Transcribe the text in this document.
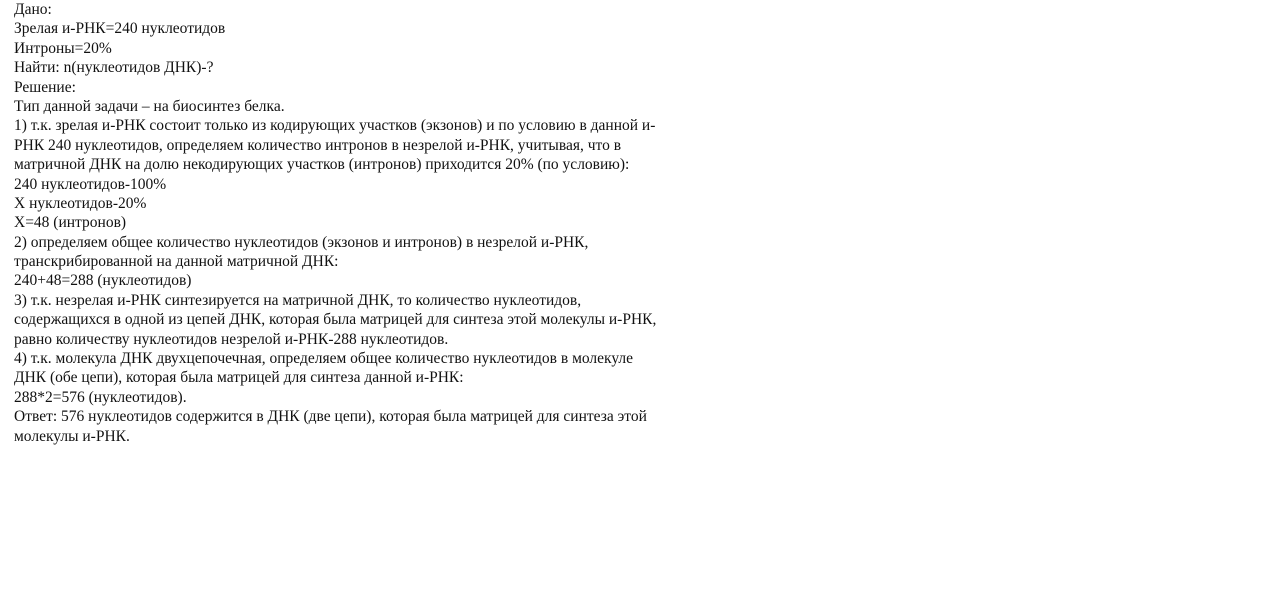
Дано:
Зрелая и-РНК=240 нуклеотидов
Интроны=20%
Найти: n(нуклеотидов ДНК)-?
Решение:
Тип данной задачи – на биосинтез белка.
1) т.к. зрелая и-РНК состоит только из кодирующих участков (экзонов) и по условию в данной и-
РНК 240 нуклеотидов, определяем количество интронов в незрелой и-РНК, учитывая, что в
матричной ДНК на долю некодирующих участков (интронов) приходится 20% (по условию):
240 нуклеотидов-100%
Х нуклеотидов-20%
Х=48 (интронов)
2) определяем общее количество нуклеотидов (экзонов и интронов) в незрелой и-РНК,
транскрибированной на данной матричной ДНК:
240+48=288 (нуклеотидов)
3) т.к. незрелая и-РНК синтезируется на матричной ДНК, то количество нуклеотидов,
содержащихся в одной из цепей ДНК, которая была матрицей для синтеза этой молекулы и-РНК,
равно количеству нуклеотидов незрелой и-РНК-288 нуклеотидов.
4) т.к. молекула ДНК двухцепочечная, определяем общее количество нуклеотидов в молекуле
ДНК (обе цепи), которая была матрицей для синтеза данной и-РНК:
288*2=576 (нуклеотидов).
Ответ: 576 нуклеотидов содержится в ДНК (две цепи), которая была матрицей для синтеза этой
молекулы и-РНК.
